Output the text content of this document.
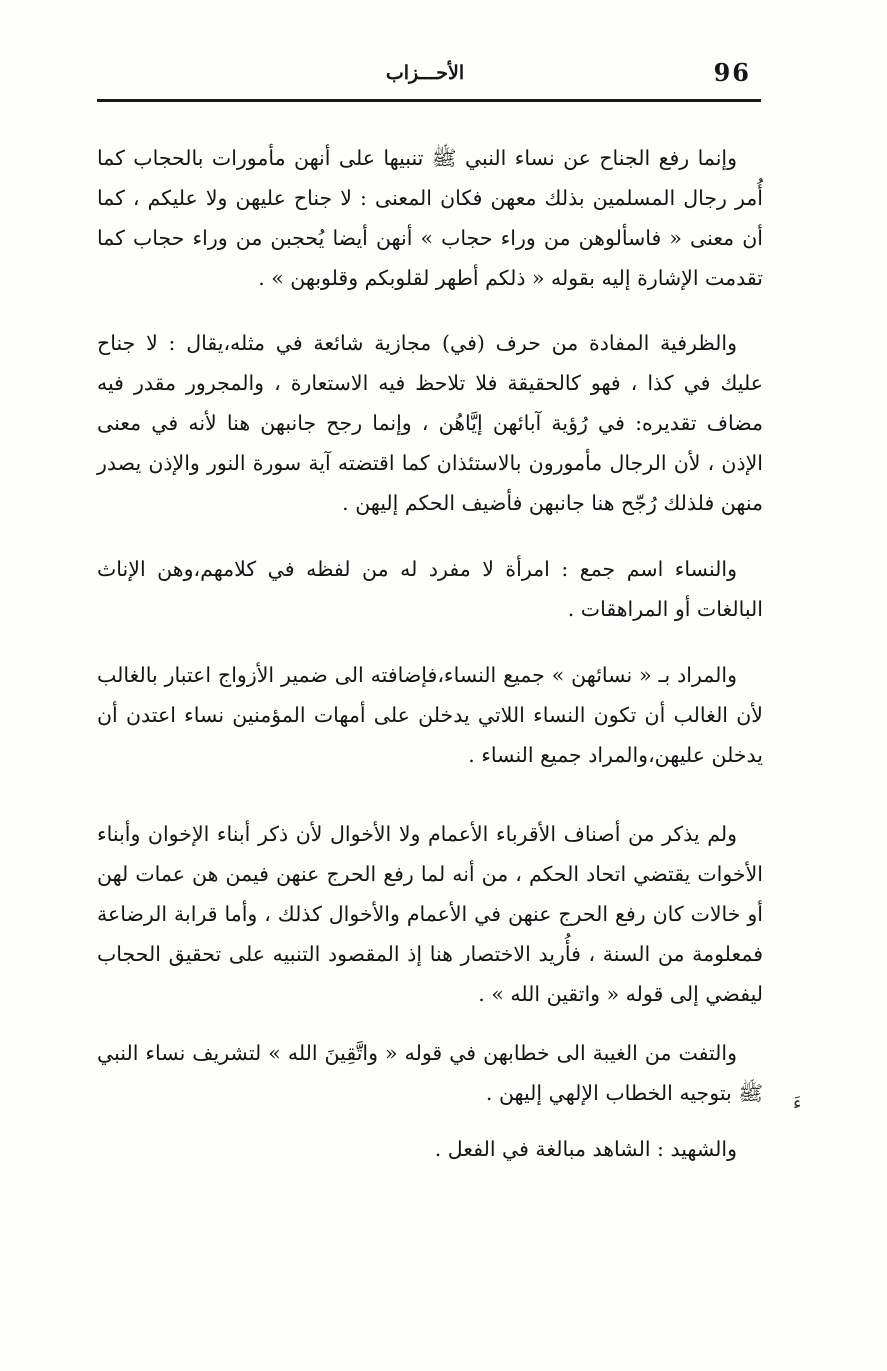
96
الأحـــزاب

وإنما رفع الجناح عن نساء النبي ﷺ تنبيها على أنهن مأمورات بالحجاب كما أُمر رجال المسلمين بذلك معهن فكان المعنى : لا جناح عليهن ولا عليكم ، كما أن معنى « فاسألوهن من وراء حجاب » أنهن أيضا يُحجبن من وراء حجاب كما تقدمت الإشارة إليه بقوله « ذلكم أطهر لقلوبكم وقلوبهن » .

والظرفية المفادة من حرف (في) مجازية شائعة في مثله،يقال : لا جناح عليك في كذا ، فهو كالحقيقة فلا تلاحظ فيه الاستعارة ، والمجرور مقدر فيه مضاف تقديره: في رُؤية آبائهن إيَّاهُن ، وإنما رجح جانبهن هنا لأنه في معنى الإذن ، لأن الرجال مأمورون بالاستئذان كما اقتضته آية سورة النور والإذن يصدر منهن فلذلك رُجّح هنا جانبهن فأضيف الحكم إليهن .

والنساء اسم جمع : امرأة لا مفرد له من لفظه في كلامهم،وهن الإناث البالغات أو المراهقات .

والمراد بـ « نسائهن » جميع النساء،فإضافته الى ضمير الأزواج اعتبار بالغالب لأن الغالب أن تكون النساء اللاتي يدخلن على أمهات المؤمنين نساء اعتدن أن يدخلن عليهن،والمراد جميع النساء .

ولم يذكر من أصناف الأقرباء الأعمام ولا الأخوال لأن ذكر أبناء الإخوان وأبناء الأخوات يقتضي اتحاد الحكم ، من أنه لما رفع الحرج عنهن فيمن هن عمات لهن أو خالات كان رفع الحرج عنهن في الأعمام والأخوال كذلك ، وأما قرابة الرضاعة فمعلومة من السنة ، فأُريد الاختصار هنا إذ المقصود التنبيه على تحقيق الحجاب ليفضي إلى قوله « واتقين الله » .

والتفت من الغيبة الى خطابهن في قوله « واتَّقِينَ الله » لتشريف نساء النبي ﷺ بتوجيه الخطاب الإلهي إليهن .

والشهيد : الشاهد مبالغة في الفعل .

ءَ
